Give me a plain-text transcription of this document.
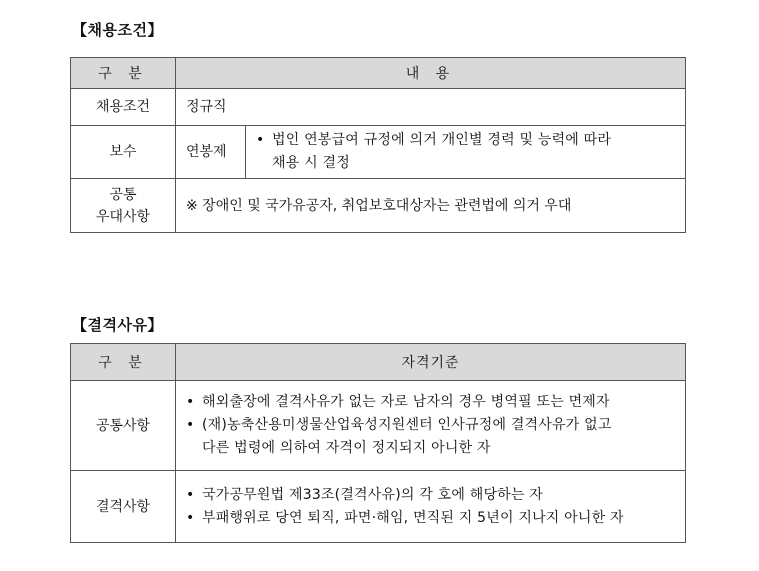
【채용조건】
구 분	내 용	
채용조건	정규직	
보수	연봉제	• 법인 연봉급여 규정에 의거 개인별 경력 및 능력에 따라
채용 시 결정

공통
우대사항	※ 장애인 및 국가유공자, 취업보호대상자는 관련법에 의거 우대	
【결격사유】
구 분	자격기준
공통사항	• 해외출장에 결격사유가 없는 자로 남자의 경우 병역필 또는 면제자
• (재)농축산용미생물산업육성지원센터 인사규정에 결격사유가 없고
다른 법령에 의하여 자격이 정지되지 아니한 자

결격사항	• 국가공무원법 제33조(결격사유)의 각 호에 해당하는 자
• 부패행위로 당연 퇴직, 파면·해임, 면직된 지 5년이 지나지 아니한 자
